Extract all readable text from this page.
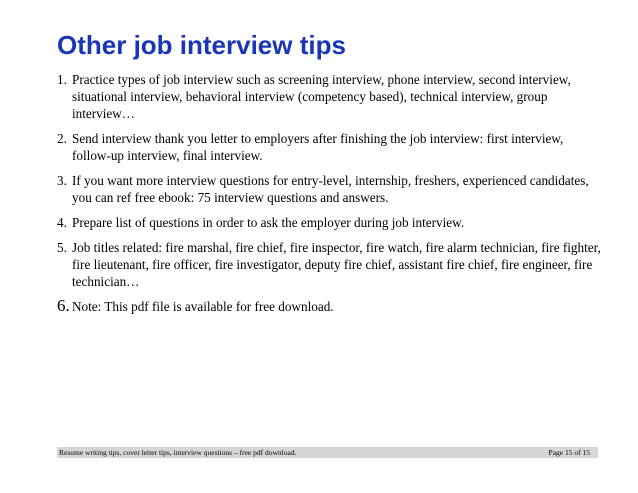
Other job interview tips
1. Practice types of job interview such as screening interview, phone interview, second interview, situational interview, behavioral interview (competency based), technical interview, group interview…
2. Send interview thank you letter to employers after finishing the job interview: first interview, follow-up interview, final interview.
3. If you want more interview questions for entry-level, internship, freshers, experienced candidates, you can ref free ebook: 75 interview questions and answers.
4. Prepare list of questions in order to ask the employer during job interview.
5. Job titles related: fire marshal, fire chief, fire inspector, fire watch, fire alarm technician, fire fighter, fire lieutenant, fire officer, fire investigator, deputy fire chief, assistant fire chief, fire engineer, fire technician…
6. Note: This pdf file is available for free download.
Resume writing tips, cover letter tips, interview questions – free pdf download.	Page 15 of 15
